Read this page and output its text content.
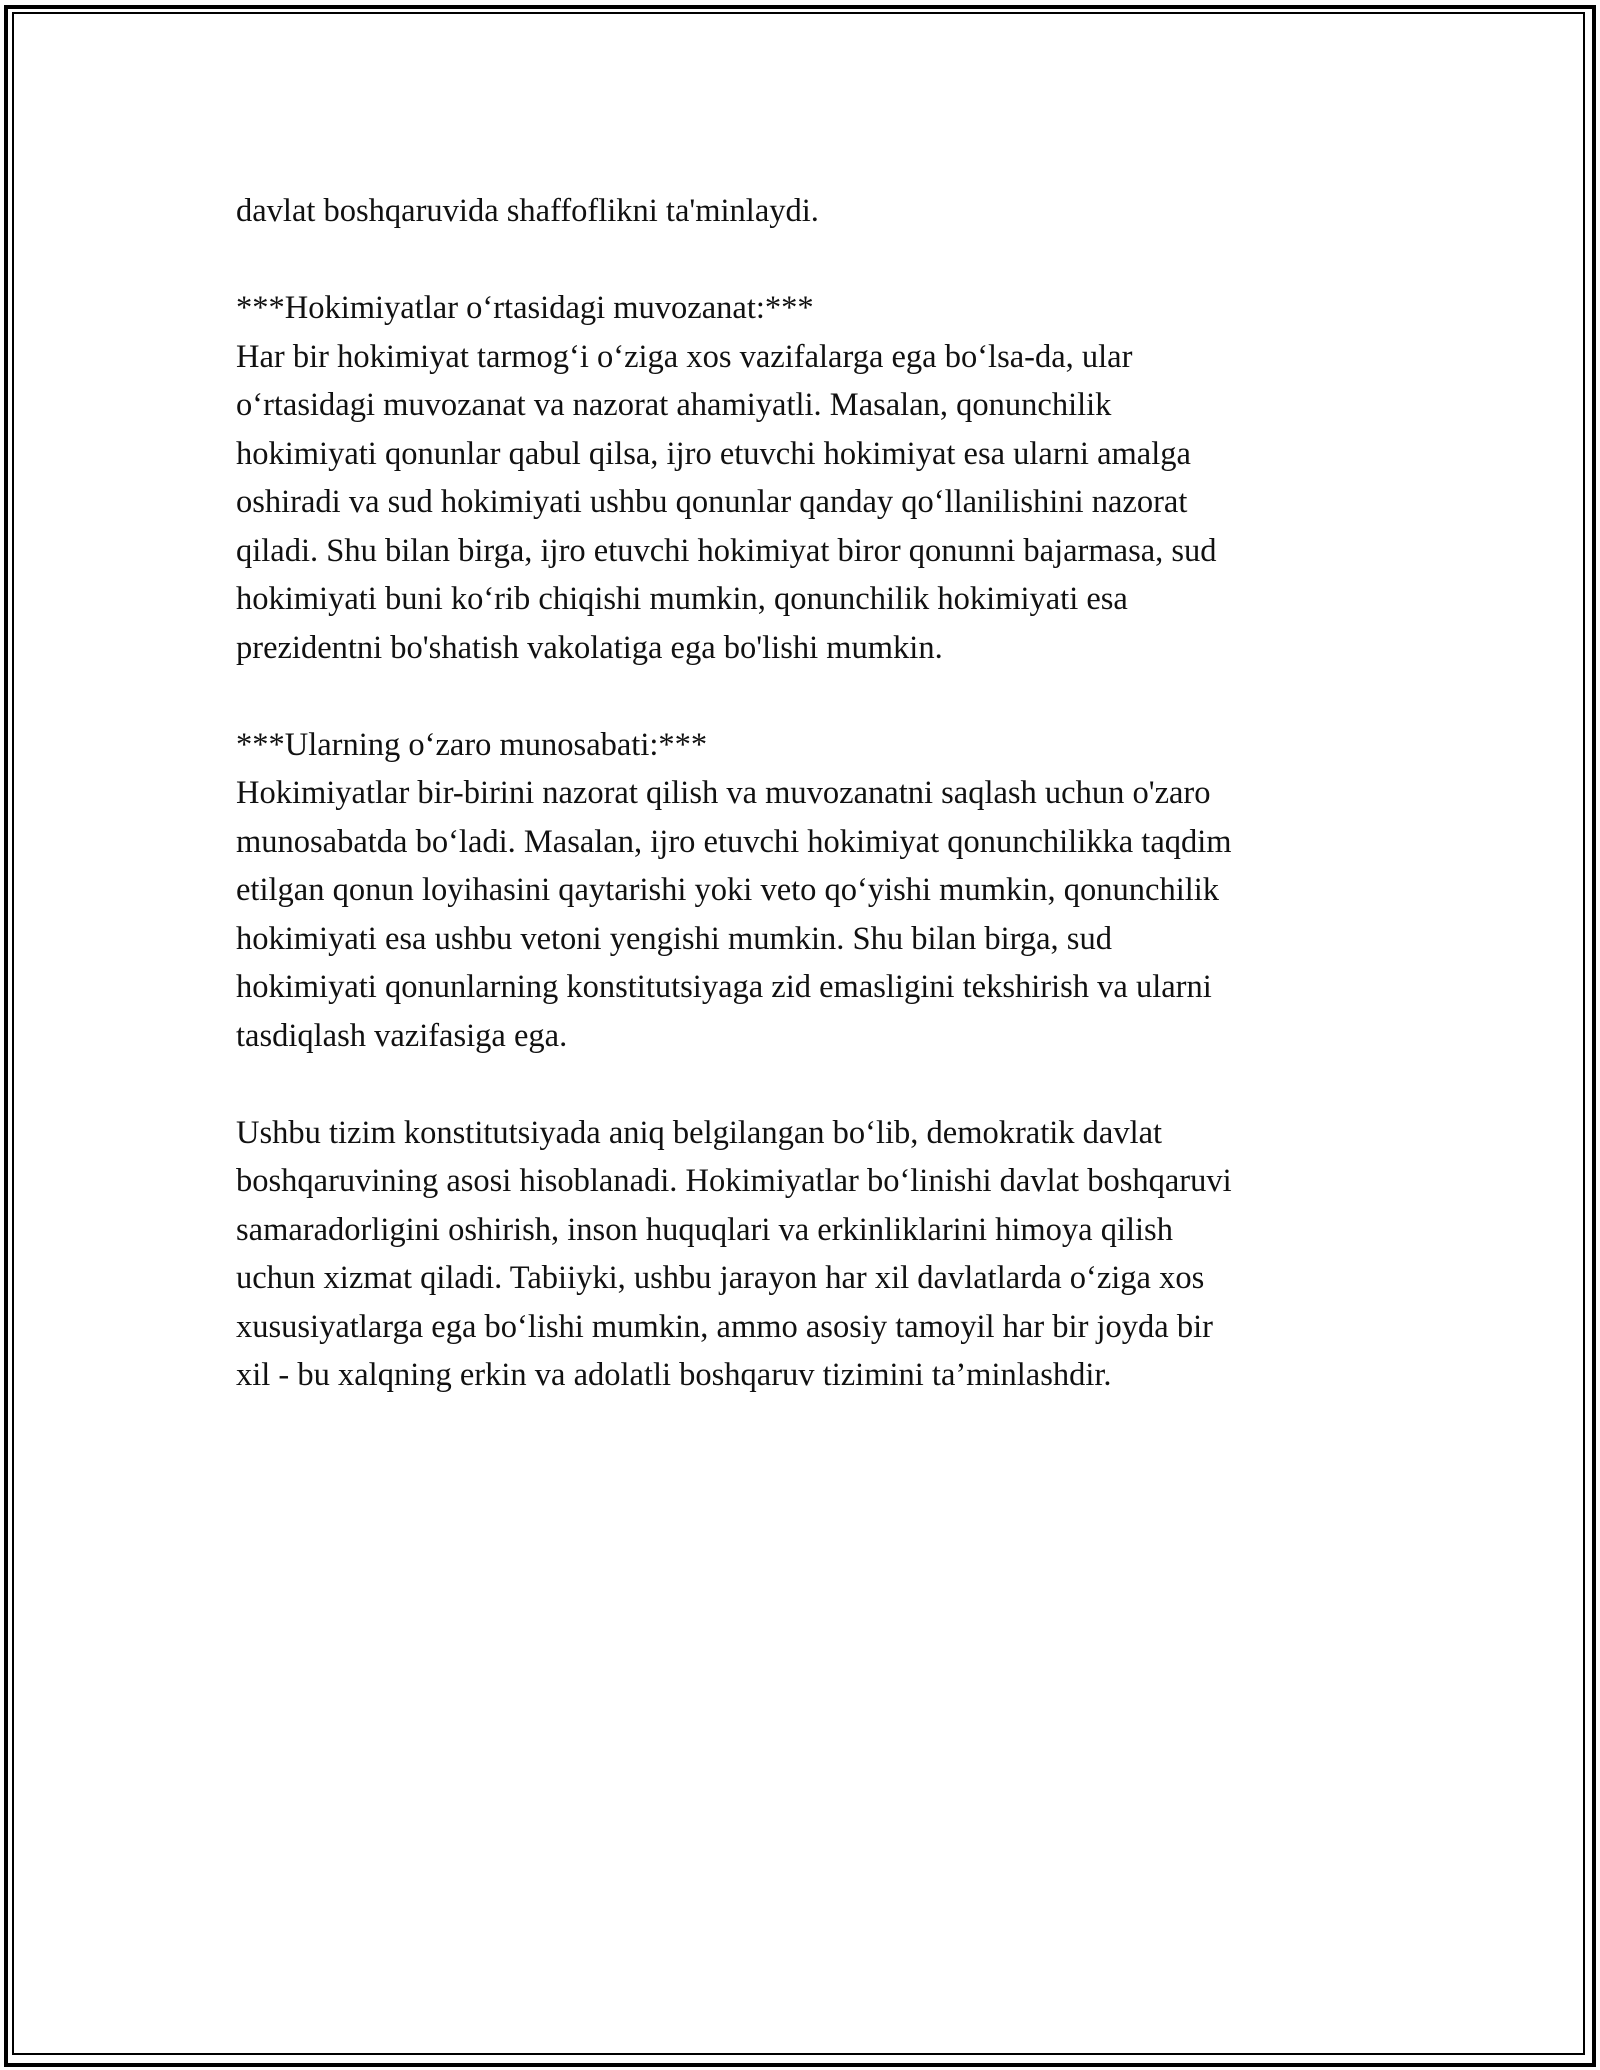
davlat boshqaruvida shaffoflikni ta'minlaydi.
***Hokimiyatlar o‘rtasidagi muvozanat:***
Har bir hokimiyat tarmog‘i o‘ziga xos vazifalarga ega bo‘lsa-da, ular
o‘rtasidagi muvozanat va nazorat ahamiyatli. Masalan, qonunchilik
hokimiyati qonunlar qabul qilsa, ijro etuvchi hokimiyat esa ularni amalga
oshiradi va sud hokimiyati ushbu qonunlar qanday qo‘llanilishini nazorat
qiladi. Shu bilan birga, ijro etuvchi hokimiyat biror qonunni bajarmasa, sud
hokimiyati buni ko‘rib chiqishi mumkin, qonunchilik hokimiyati esa
prezidentni bo'shatish vakolatiga ega bo'lishi mumkin.
***Ularning o‘zaro munosabati:***
Hokimiyatlar bir-birini nazorat qilish va muvozanatni saqlash uchun o'zaro
munosabatda bo‘ladi. Masalan, ijro etuvchi hokimiyat qonunchilikka taqdim
etilgan qonun loyihasini qaytarishi yoki veto qo‘yishi mumkin, qonunchilik
hokimiyati esa ushbu vetoni yengishi mumkin. Shu bilan birga, sud
hokimiyati qonunlarning konstitutsiyaga zid emasligini tekshirish va ularni
tasdiqlash vazifasiga ega.
Ushbu tizim konstitutsiyada aniq belgilangan bo‘lib, demokratik davlat
boshqaruvining asosi hisoblanadi. Hokimiyatlar bo‘linishi davlat boshqaruvi
samaradorligini oshirish, inson huquqlari va erkinliklarini himoya qilish
uchun xizmat qiladi. Tabiiyki, ushbu jarayon har xil davlatlarda o‘ziga xos
xususiyatlarga ega bo‘lishi mumkin, ammo asosiy tamoyil har bir joyda bir
xil - bu xalqning erkin va adolatli boshqaruv tizimini ta’minlashdir.
